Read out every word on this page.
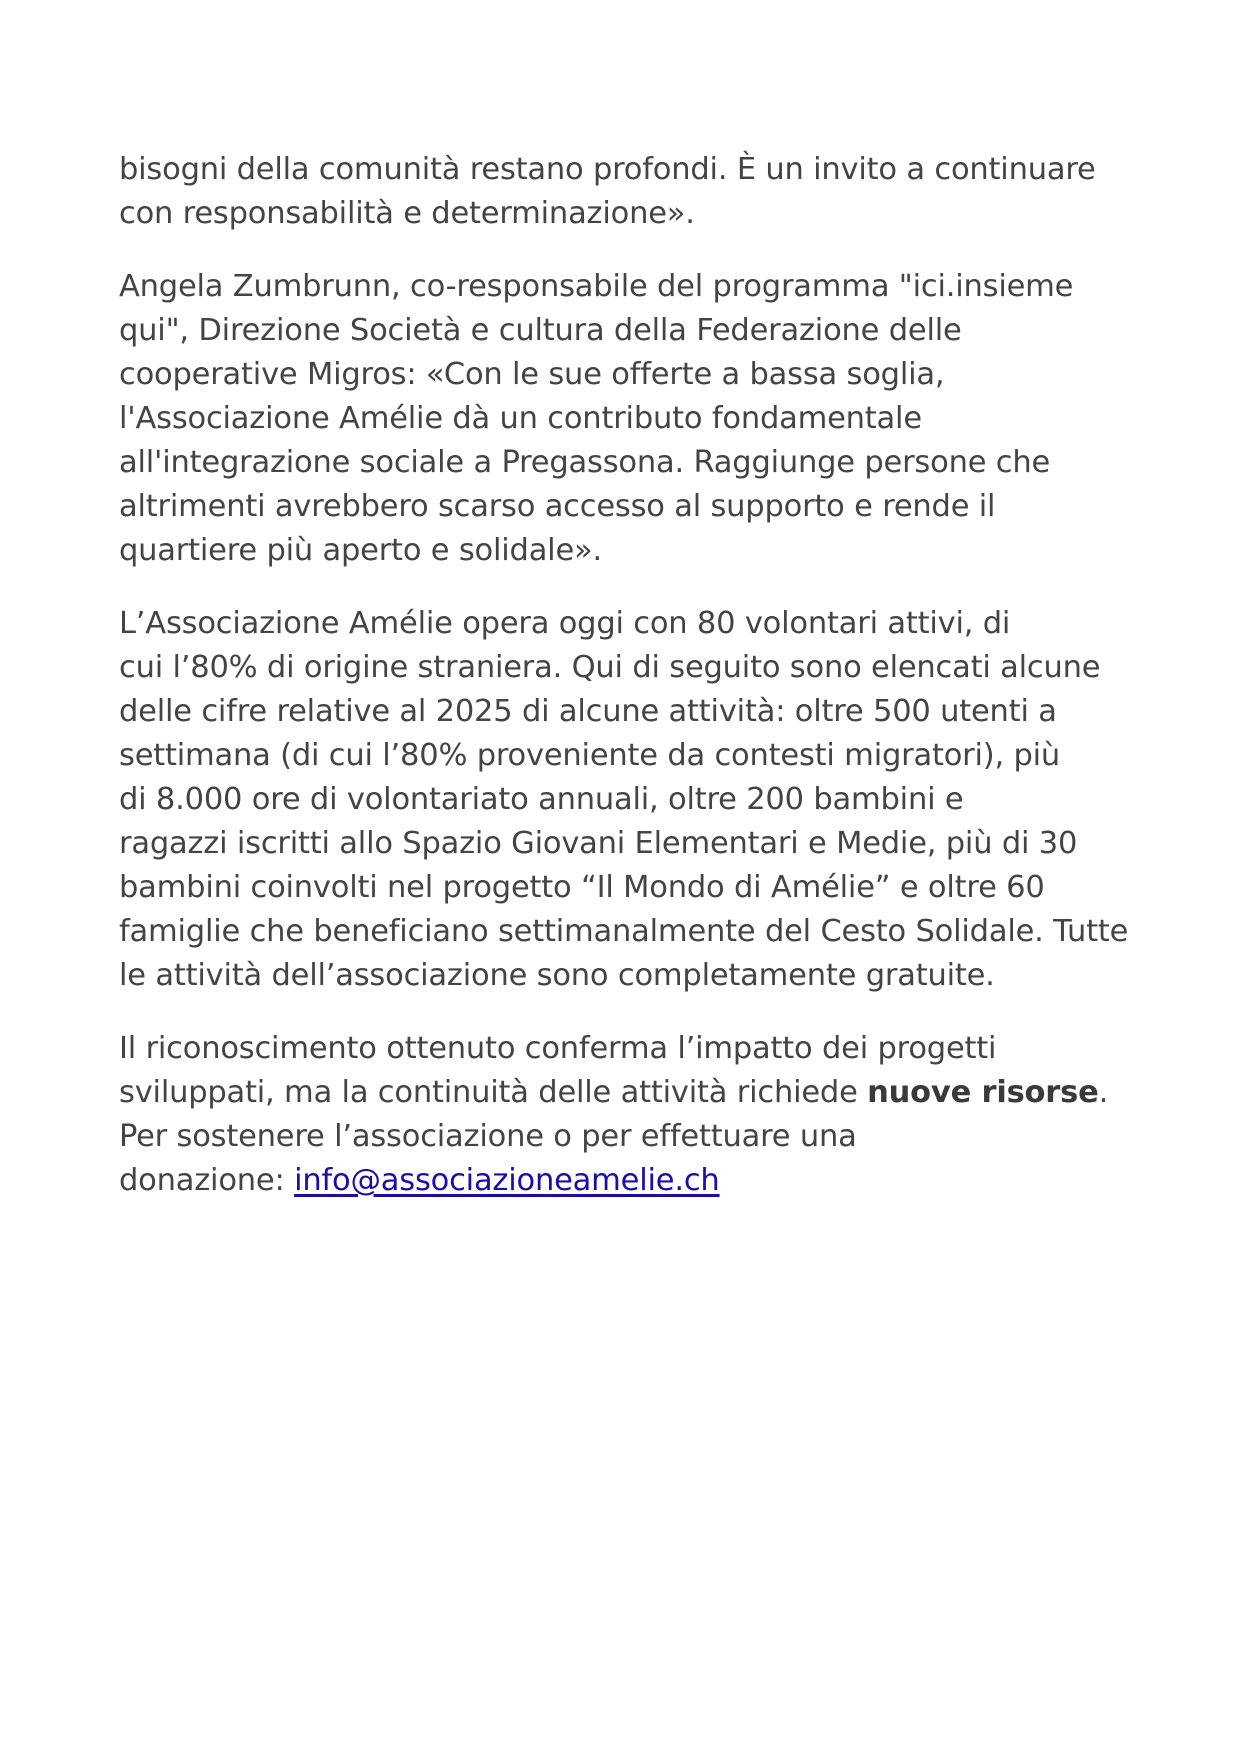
bisogni della comunità restano profondi. È un invito a continuare
con responsabilità e determinazione».

Angela Zumbrunn, co-responsabile del programma "ici.insieme
qui", Direzione Società e cultura della Federazione delle
cooperative Migros: «Con le sue offerte a bassa soglia,
l'Associazione Amélie dà un contributo fondamentale
all'integrazione sociale a Pregassona. Raggiunge persone che
altrimenti avrebbero scarso accesso al supporto e rende il
quartiere più aperto e solidale».

L’Associazione Amélie opera oggi con 80 volontari attivi, di
cui l’80% di origine straniera. Qui di seguito sono elencati alcune
delle cifre relative al 2025 di alcune attività: oltre 500 utenti a
settimana (di cui l’80% proveniente da contesti migratori), più
di 8.000 ore di volontariato annuali, oltre 200 bambini e
ragazzi iscritti allo Spazio Giovani Elementari e Medie, più di 30
bambini coinvolti nel progetto “Il Mondo di Amélie” e oltre 60
famiglie che beneficiano settimanalmente del Cesto Solidale. Tutte
le attività dell’associazione sono completamente gratuite.

Il riconoscimento ottenuto conferma l’impatto dei progetti
sviluppati, ma la continuità delle attività richiede nuove risorse.
Per sostenere l’associazione o per effettuare una
donazione: info@associazioneamelie.ch
